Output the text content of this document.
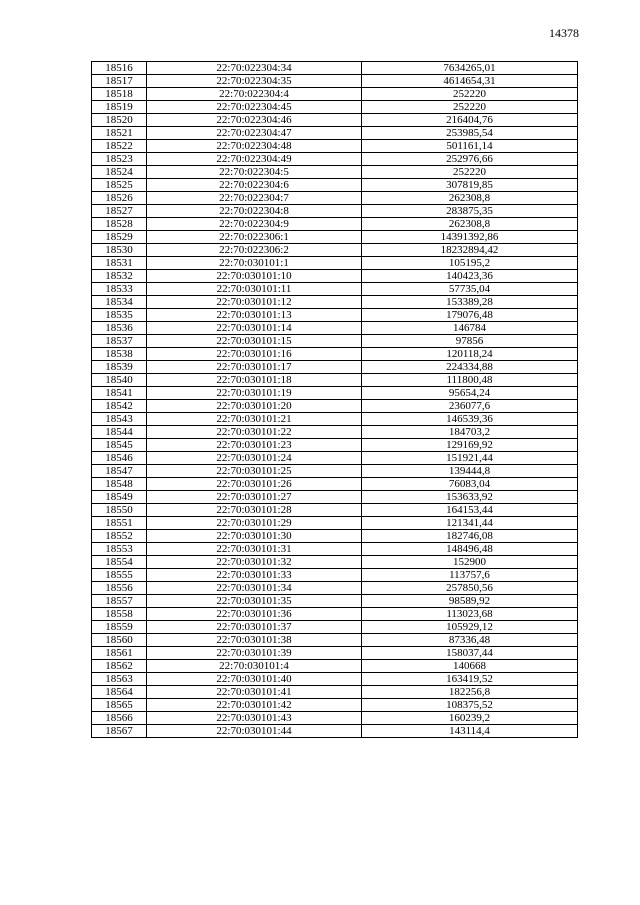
14378
18516	22:70:022304:34	7634265,01
18517	22:70:022304:35	4614654,31
18518	22:70:022304:4	252220
18519	22:70:022304:45	252220
18520	22:70:022304:46	216404,76
18521	22:70:022304:47	253985,54
18522	22:70:022304:48	501161,14
18523	22:70:022304:49	252976,66
18524	22:70:022304:5	252220
18525	22:70:022304:6	307819,85
18526	22:70:022304:7	262308,8
18527	22:70:022304:8	283875,35
18528	22:70:022304:9	262308,8
18529	22:70:022306:1	14391392,86
18530	22:70:022306:2	18232894,42
18531	22:70:030101:1	105195,2
18532	22:70:030101:10	140423,36
18533	22:70:030101:11	57735,04
18534	22:70:030101:12	153389,28
18535	22:70:030101:13	179076,48
18536	22:70:030101:14	146784
18537	22:70:030101:15	97856
18538	22:70:030101:16	120118,24
18539	22:70:030101:17	224334,88
18540	22:70:030101:18	111800,48
18541	22:70:030101:19	95654,24
18542	22:70:030101:20	236077,6
18543	22:70:030101:21	146539,36
18544	22:70:030101:22	184703,2
18545	22:70:030101:23	129169,92
18546	22:70:030101:24	151921,44
18547	22:70:030101:25	139444,8
18548	22:70:030101:26	76083,04
18549	22:70:030101:27	153633,92
18550	22:70:030101:28	164153,44
18551	22:70:030101:29	121341,44
18552	22:70:030101:30	182746,08
18553	22:70:030101:31	148496,48
18554	22:70:030101:32	152900
18555	22:70:030101:33	113757,6
18556	22:70:030101:34	257850,56
18557	22:70:030101:35	98589,92
18558	22:70:030101:36	113023,68
18559	22:70:030101:37	105929,12
18560	22:70:030101:38	87336,48
18561	22:70:030101:39	158037,44
18562	22:70:030101:4	140668
18563	22:70:030101:40	163419,52
18564	22:70:030101:41	182256,8
18565	22:70:030101:42	108375,52
18566	22:70:030101:43	160239,2
18567	22:70:030101:44	143114,4
